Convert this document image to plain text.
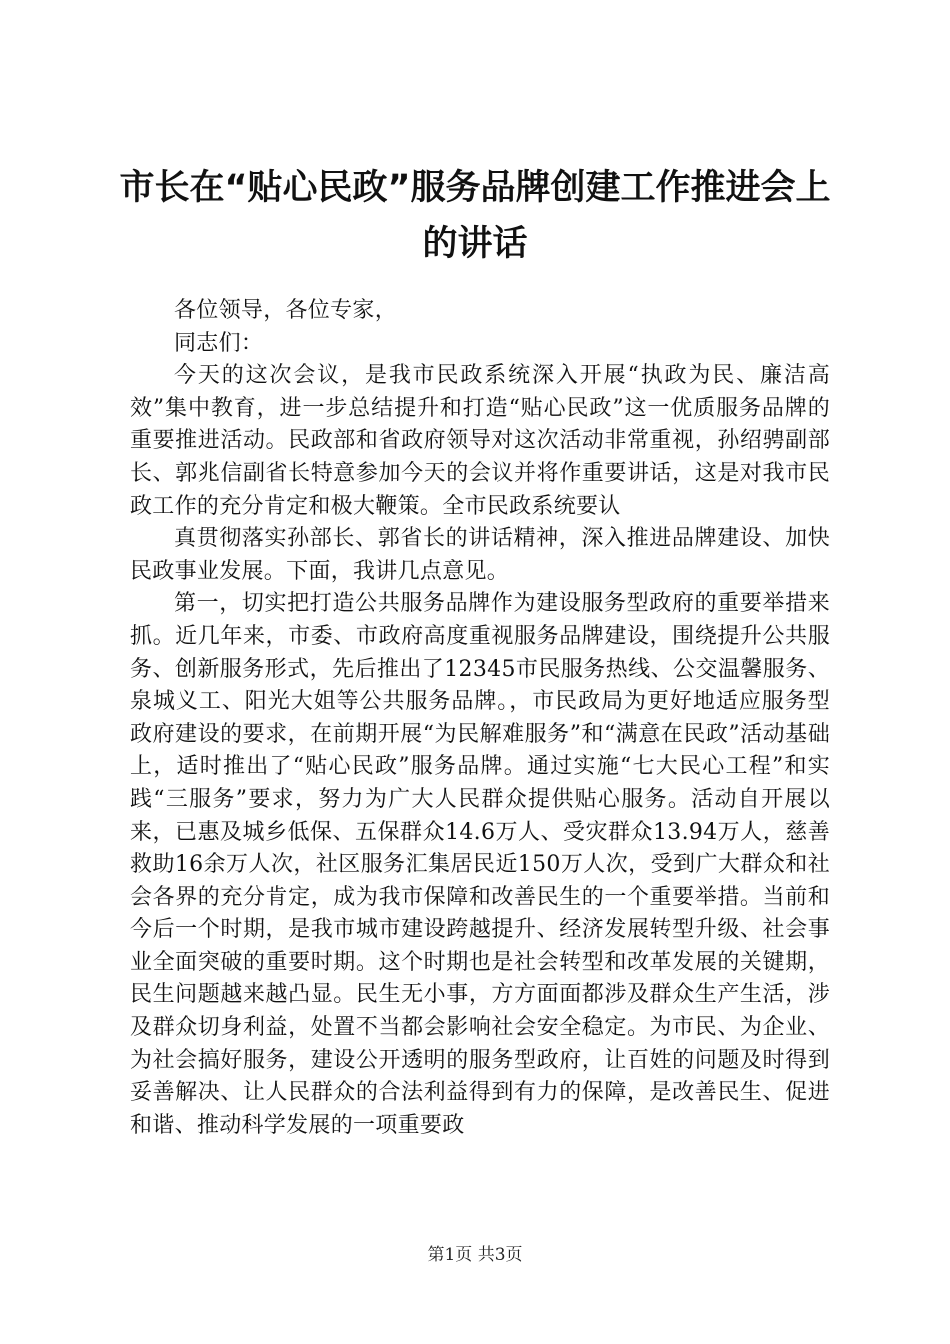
市长在“贴心民政”服务品牌创建工作推进会上的讲话

各位领导，各位专家，

同志们：

今天的这次会议，是我市民政系统深入开展“执政为民、廉洁高效”集中教育，进一步总结提升和打造“贴心民政”这一优质服务品牌的重要推进活动。民政部和省政府领导对这次活动非常重视，孙绍骋副部长、郭兆信副省长特意参加今天的会议并将作重要讲话，这是对我市民政工作的充分肯定和极大鞭策。全市民政系统要认

真贯彻落实孙部长、郭省长的讲话精神，深入推进品牌建设、加快民政事业发展。下面，我讲几点意见。

第一，切实把打造公共服务品牌作为建设服务型政府的重要举措来抓。近几年来，市委、市政府高度重视服务品牌建设，围绕提升公共服务、创新服务形式，先后推出了12345市民服务热线、公交温馨服务、泉城义工、阳光大姐等公共服务品牌。，市民政局为更好地适应服务型政府建设的要求，在前期开展“为民解难服务”和“满意在民政”活动基础上，适时推出了“贴心民政”服务品牌。通过实施“七大民心工程”和实践“三服务”要求，努力为广大人民群众提供贴心服务。活动自开展以来，已惠及城乡低保、五保群众14.6万人、受灾群众13.94万人，慈善救助16余万人次，社区服务汇集居民近150万人次，受到广大群众和社会各界的充分肯定，成为我市保障和改善民生的一个重要举措。当前和今后一个时期，是我市城市建设跨越提升、经济发展转型升级、社会事业全面突破的重要时期。这个时期也是社会转型和改革发展的关键期，民生问题越来越凸显。民生无小事，方方面面都涉及群众生产生活，涉及群众切身利益，处置不当都会影响社会安全稳定。为市民、为企业、为社会搞好服务，建设公开透明的服务型政府，让百姓的问题及时得到妥善解决、让人民群众的合法利益得到有力的保障，是改善民生、促进和谐、推动科学发展的一项重要政

第1页 共3页
